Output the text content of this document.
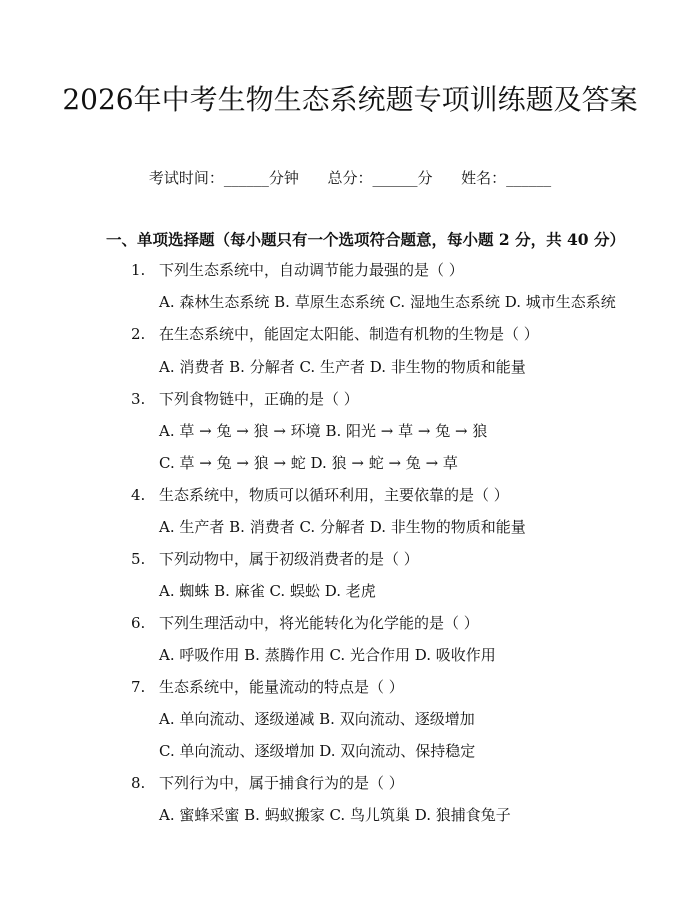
2026年中考生物生态系统题专项训练题及答案
考试时间：______分钟      总分：______分      姓名：______
一、单项选择题（每小题只有一个选项符合题意，每小题 2 分，共 40 分）
1. 下列生态系统中，自动调节能力最强的是（ ）
A. 森林生态系统 B. 草原生态系统 C. 湿地生态系统 D. 城市生态系统
2. 在生态系统中，能固定太阳能、制造有机物的生物是（ ）
A. 消费者 B. 分解者 C. 生产者 D. 非生物的物质和能量
3. 下列食物链中，正确的是（ ）
A. 草 → 兔 → 狼 → 环境 B. 阳光 → 草 → 兔 → 狼
C. 草 → 兔 → 狼 → 蛇 D. 狼 → 蛇 → 兔 → 草
4. 生态系统中，物质可以循环利用，主要依靠的是（ ）
A. 生产者 B. 消费者 C. 分解者 D. 非生物的物质和能量
5. 下列动物中，属于初级消费者的是（ ）
A. 蜘蛛 B. 麻雀 C. 蜈蚣 D. 老虎
6. 下列生理活动中，将光能转化为化学能的是（ ）
A. 呼吸作用 B. 蒸腾作用 C. 光合作用 D. 吸收作用
7. 生态系统中，能量流动的特点是（ ）
A. 单向流动、逐级递减 B. 双向流动、逐级增加
C. 单向流动、逐级增加 D. 双向流动、保持稳定
8. 下列行为中，属于捕食行为的是（ ）
A. 蜜蜂采蜜 B. 蚂蚁搬家 C. 鸟儿筑巢 D. 狼捕食兔子
